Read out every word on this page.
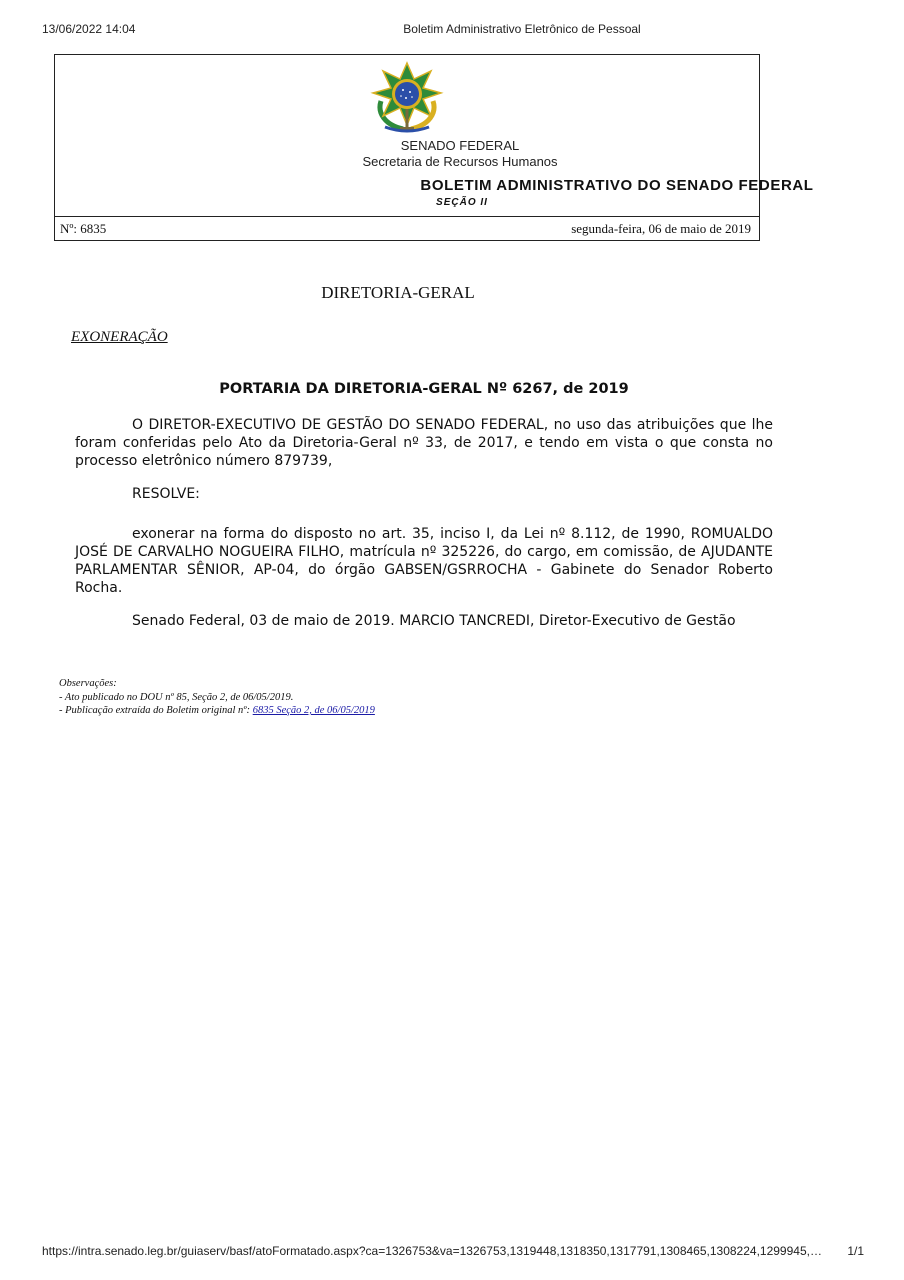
13/06/2022 14:04	Boletim Administrativo Eletrônico de Pessoal
SENADO FEDERAL
Secretaria de Recursos Humanos
BOLETIM ADMINISTRATIVO DO SENADO FEDERAL
SEÇÃO II
Nº: 6835	segunda-feira, 06 de maio de 2019
DIRETORIA-GERAL
EXONERAÇÃO
PORTARIA DA DIRETORIA-GERAL Nº 6267, de 2019
O DIRETOR-EXECUTIVO DE GESTÃO DO SENADO FEDERAL, no uso das atribuições que lhe foram conferidas pelo Ato da Diretoria-Geral nº 33, de 2017, e tendo em vista o que consta no processo eletrônico número 879739,
RESOLVE:
exonerar na forma do disposto no art. 35, inciso I, da Lei nº 8.112, de 1990, ROMUALDO JOSÉ DE CARVALHO NOGUEIRA FILHO, matrícula nº 325226, do cargo, em comissão, de AJUDANTE PARLAMENTAR SÊNIOR, AP-04, do órgão GABSEN/GSRROCHA - Gabinete do Senador Roberto Rocha.
Senado Federal, 03 de maio de 2019. MARCIO TANCREDI, Diretor-Executivo de Gestão
Observações:
- Ato publicado no DOU nº 85, Seção 2, de 06/05/2019.
- Publicação extraída do Boletim original nº: 6835 Seção 2, de 06/05/2019
https://intra.senado.leg.br/guiaserv/basf/atoFormatado.aspx?ca=1326753&va=1326753,1319448,1318350,1317791,1308465,1308224,1299945,…	1/1
